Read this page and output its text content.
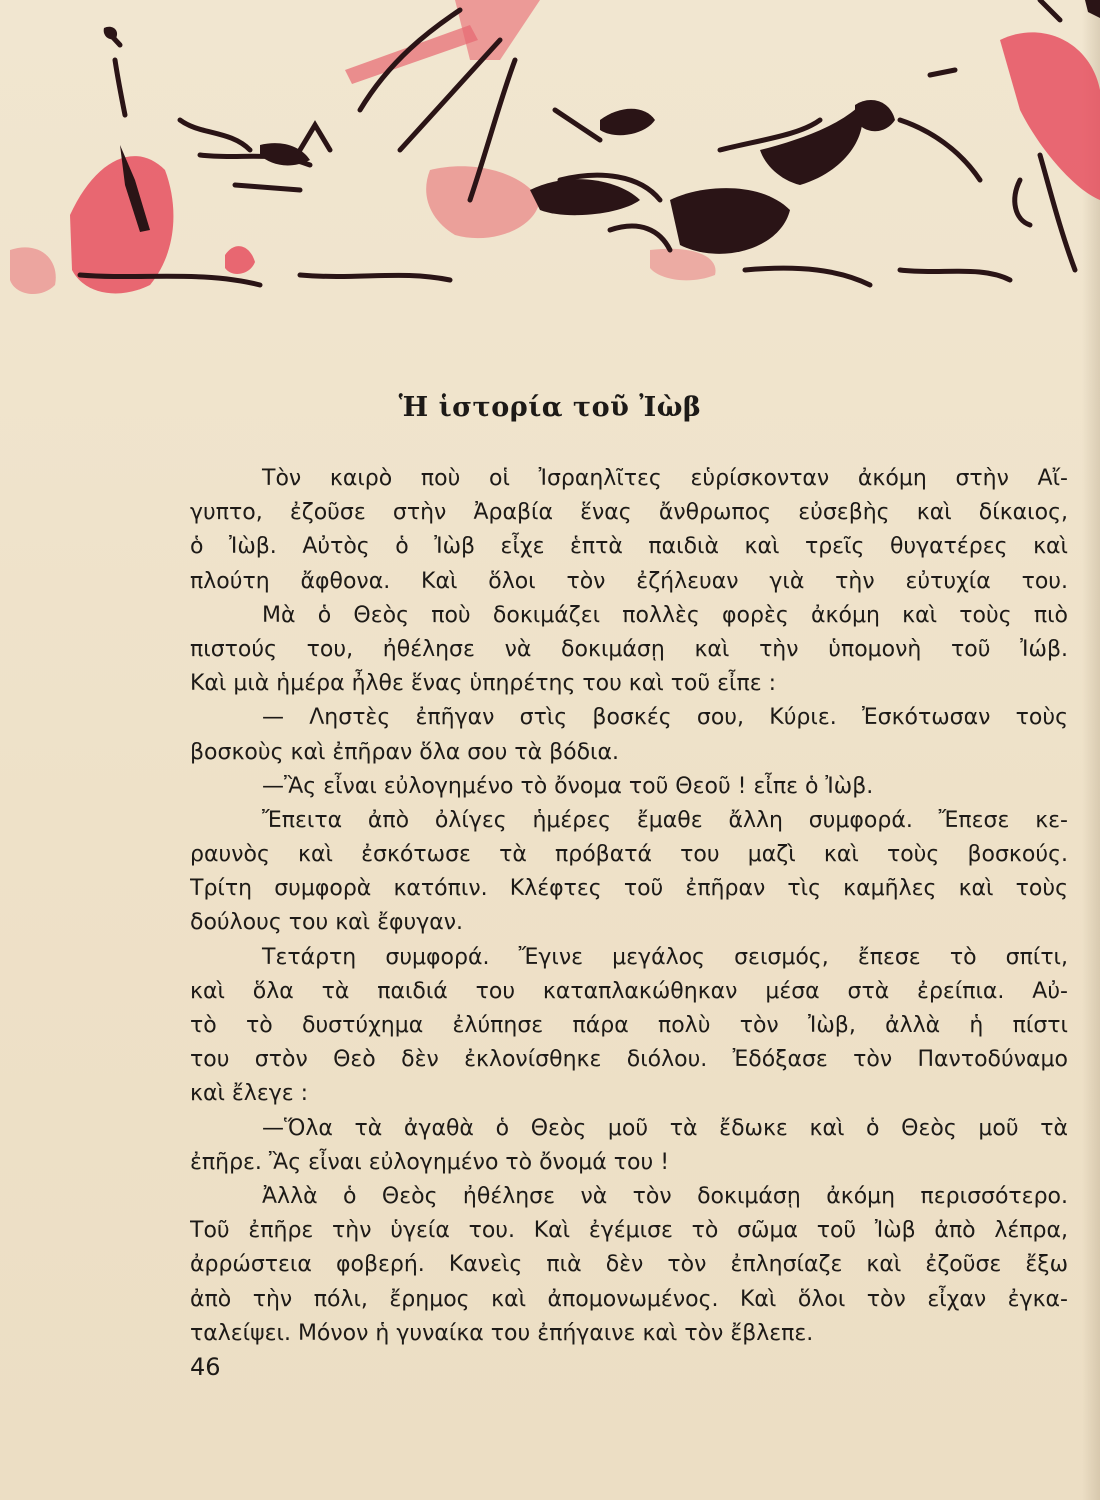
Ἡ ἱστορία τοῦ Ἰὼβ
Τὸν καιρὸ ποὺ οἱ Ἰσραηλῖτες εὑρίσκονταν ἀκόμη στὴν Αἴ-
γυπτο, ἐζοῦσε στὴν Ἀραβία ἕνας ἄνθρωπος εὐσεβὴς καὶ δίκαιος,
ὁ Ἰὼβ. Αὐτὸς ὁ Ἰὼβ εἶχε ἑπτὰ παιδιὰ καὶ τρεῖς θυγατέρες καὶ
πλούτη ἄφθονα. Καὶ ὅλοι τὸν ἐζήλευαν γιὰ τὴν εὐτυχία του.
Μὰ ὁ Θεὸς ποὺ δοκιμάζει πολλὲς φορὲς ἀκόμη καὶ τοὺς πιὸ
πιστούς του, ἠθέλησε νὰ δοκιμάσῃ καὶ τὴν ὑπομονὴ τοῦ Ἰώβ.
Καὶ μιὰ ἡμέρα ἦλθε ἕνας ὑπηρέτης του καὶ τοῦ εἶπε :
— Ληστὲς ἐπῆγαν στὶς βοσκές σου, Κύριε. Ἐσκότωσαν τοὺς
βοσκοὺς καὶ ἐπῆραν ὅλα σου τὰ βόδια.
—Ἂς εἶναι εὐλογημένο τὸ ὄνομα τοῦ Θεοῦ ! εἶπε ὁ Ἰὼβ.
Ἔπειτα ἀπὸ ὀλίγες ἡμέρες ἔμαθε ἄλλη συμφορά. Ἔπεσε κε-
ραυνὸς καὶ ἐσκότωσε τὰ πρόβατά του μαζὶ καὶ τοὺς βοσκούς.
Τρίτη συμφορὰ κατόπιν. Κλέφτες τοῦ ἐπῆραν τὶς καμῆλες καὶ τοὺς
δούλους του καὶ ἔφυγαν.
Τετάρτη συμφορά. Ἔγινε μεγάλος σεισμός, ἔπεσε τὸ σπίτι,
καὶ ὅλα τὰ παιδιά του καταπλακώθηκαν μέσα στὰ ἐρείπια. Αὐ-
τὸ τὸ δυστύχημα ἐλύπησε πάρα πολὺ τὸν Ἰὼβ, ἀλλὰ ἡ πίστι
του στὸν Θεὸ δὲν ἐκλονίσθηκε διόλου. Ἐδόξασε τὸν Παντοδύναμο
καὶ ἔλεγε :
—Ὅλα τὰ ἀγαθὰ ὁ Θεὸς μοῦ τὰ ἔδωκε καὶ ὁ Θεὸς μοῦ τὰ
ἐπῆρε. Ἂς εἶναι εὐλογημένο τὸ ὄνομά του !
Ἀλλὰ ὁ Θεὸς ἠθέλησε νὰ τὸν δοκιμάσῃ ἀκόμη περισσότερο.
Τοῦ ἐπῆρε τὴν ὑγεία του. Καὶ ἐγέμισε τὸ σῶμα τοῦ Ἰὼβ ἀπὸ λέπρα,
ἀρρώστεια φοβερή. Κανεὶς πιὰ δὲν τὸν ἐπλησίαζε καὶ ἐζοῦσε ἔξω
ἀπὸ τὴν πόλι, ἔρημος καὶ ἀπομονωμένος. Καὶ ὅλοι τὸν εἶχαν ἐγκα-
ταλείψει. Μόνον ἡ γυναίκα του ἐπήγαινε καὶ τὸν ἔβλεπε.
46
